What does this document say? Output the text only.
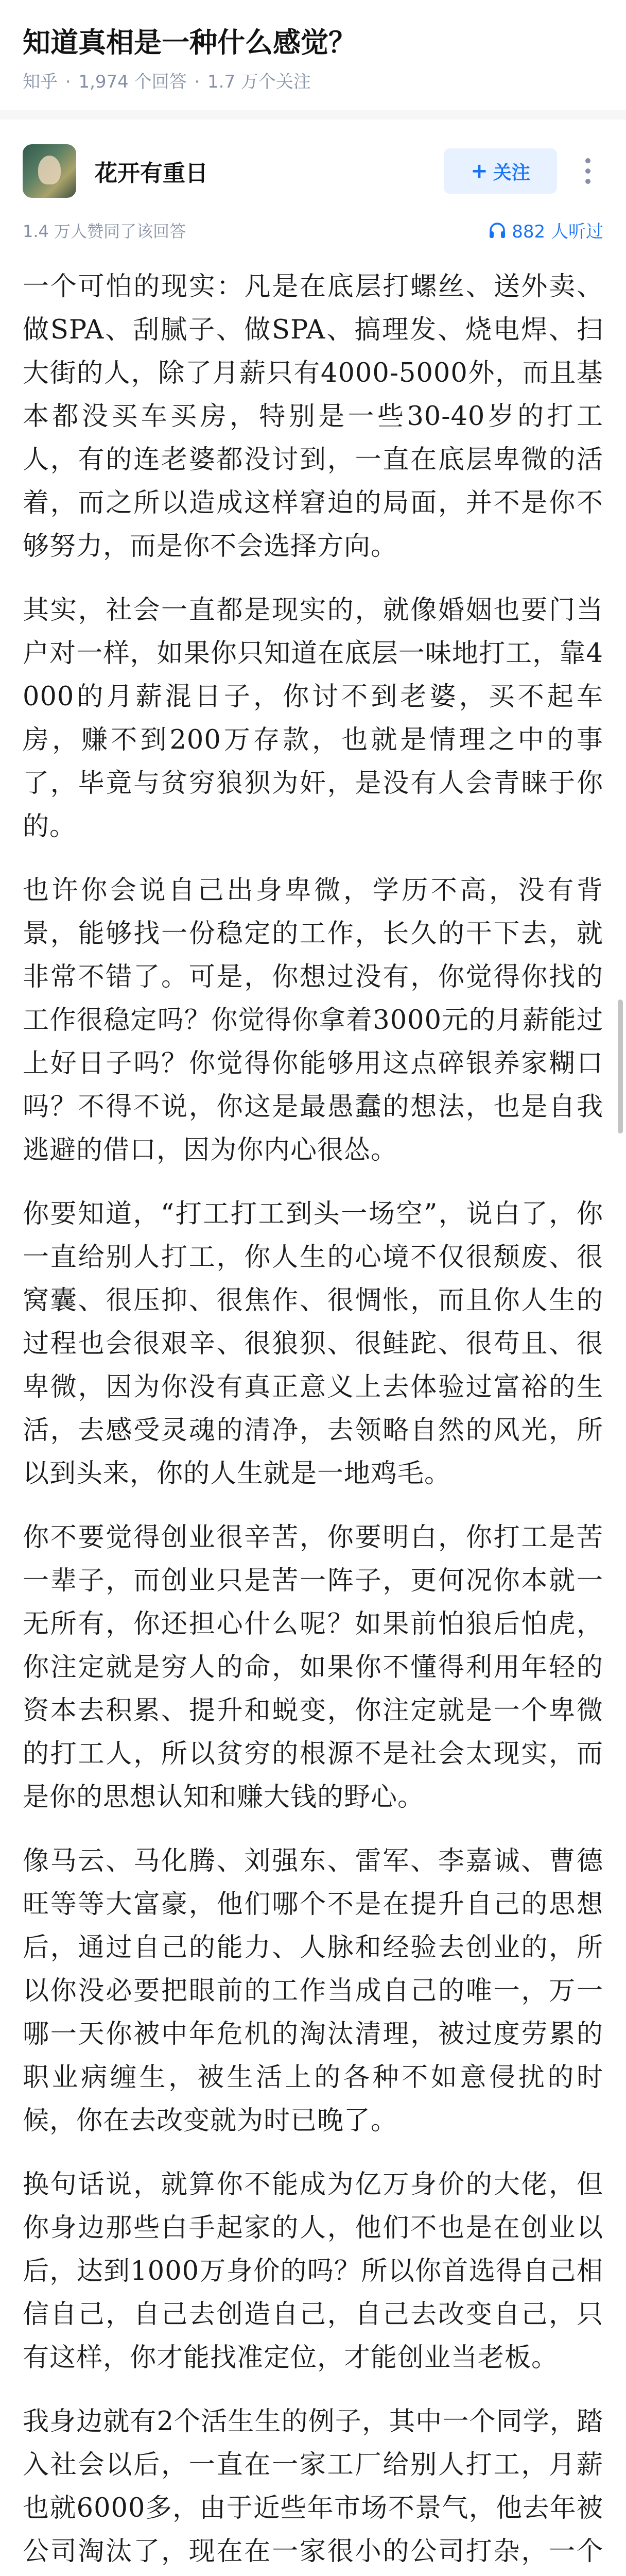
知道真相是一种什么感觉？
知乎 · 1,974 个回答 · 1.7 万个关注
花开有重日	+ 关注
1.4 万人赞同了该回答	882 人听过

一个可怕的现实：凡是在底层打螺丝、送外卖、做SPA、刮腻子、做SPA、搞理发、烧电焊、扫大街的人，除了月薪只有4000-5000外，而且基本都没买车买房，特别是一些30-40岁的打工人，有的连老婆都没讨到，一直在底层卑微的活着，而之所以造成这样窘迫的局面，并不是你不够努力，而是你不会选择方向。

其实，社会一直都是现实的，就像婚姻也要门当户对一样，如果你只知道在底层一味地打工，靠4000的月薪混日子，你讨不到老婆，买不起车房，赚不到200万存款，也就是情理之中的事了，毕竟与贫穷狼狈为奸，是没有人会青睐于你的。

也许你会说自己出身卑微，学历不高，没有背景，能够找一份稳定的工作，长久的干下去，就非常不错了。可是，你想过没有，你觉得你找的工作很稳定吗？你觉得你拿着3000元的月薪能过上好日子吗？你觉得你能够用这点碎银养家糊口吗？不得不说，你这是最愚蠢的想法，也是自我逃避的借口，因为你内心很怂。

你要知道，“打工打工到头一场空”，说白了，你一直给别人打工，你人生的心境不仅很颓废、很窝囊、很压抑、很焦作、很惆怅，而且你人生的过程也会很艰辛、很狼狈、很鲑跎、很苟且、很卑微，因为你没有真正意义上去体验过富裕的生活，去感受灵魂的清净，去领略自然的风光，所以到头来，你的人生就是一地鸡毛。

你不要觉得创业很辛苦，你要明白，你打工是苦一辈子，而创业只是苦一阵子，更何况你本就一无所有，你还担心什么呢？如果前怕狼后怕虎，你注定就是穷人的命，如果你不懂得利用年轻的资本去积累、提升和蜕变，你注定就是一个卑微的打工人，所以贫穷的根源不是社会太现实，而是你的思想认知和赚大钱的野心。

像马云、马化腾、刘强东、雷军、李嘉诚、曹德旺等等大富豪，他们哪个不是在提升自己的思想后，通过自己的能力、人脉和经验去创业的，所以你没必要把眼前的工作当成自己的唯一，万一哪一天你被中年危机的淘汰清理，被过度劳累的职业病缠生，被生活上的各种不如意侵扰的时候，你在去改变就为时已晚了。

换句话说，就算你不能成为亿万身价的大佬，但你身边那些白手起家的人，他们不也是在创业以后，达到1000万身价的吗？所以你首选得自己相信自己，自己去创造自己，自己去改变自己，只有这样，你才能找准定位，才能创业当老板。

我身边就有2个活生生的例子，其中一个同学，踏入社会以后，一直在一家工厂给别人打工，月薪也就6000多，由于近些年市场不景气，他去年被公司淘汰了，现在在一家很小的公司打杂，一个
